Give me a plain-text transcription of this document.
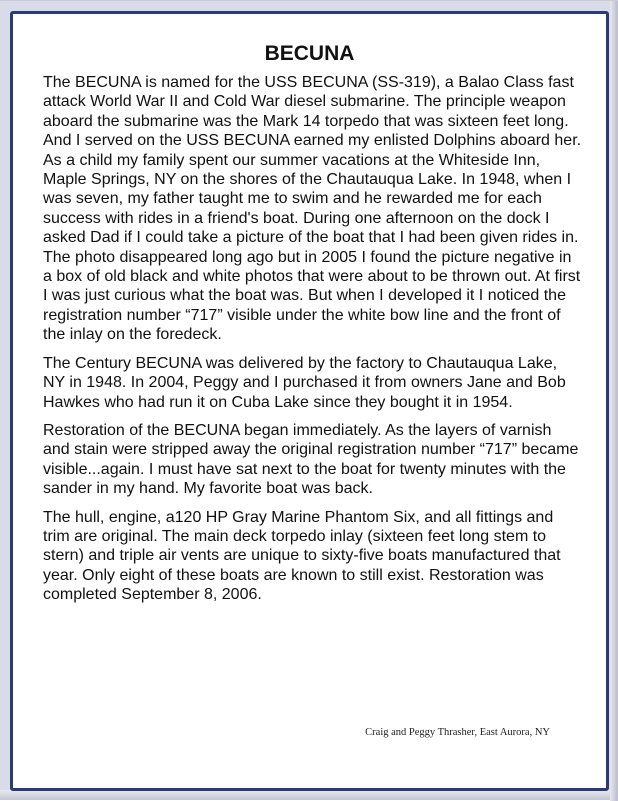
BECUNA

The BECUNA is named for the USS BECUNA (SS-319), a Balao Class fast attack World War II and Cold War diesel submarine. The principle weapon aboard the submarine was the Mark 14 torpedo that was sixteen feet long. And I served on the USS BECUNA earned my enlisted Dolphins aboard her. As a child my family spent our summer vacations at the Whiteside Inn, Maple Springs, NY on the shores of the Chautauqua Lake. In 1948, when I was seven, my father taught me to swim and he rewarded me for each success with rides in a friend's boat. During one afternoon on the dock I asked Dad if I could take a picture of the boat that I had been given rides in. The photo disappeared long ago but in 2005 I found the picture negative in a box of old black and white photos that were about to be thrown out. At first I was just curious what the boat was. But when I developed it I noticed the registration number “717” visible under the white bow line and the front of the inlay on the foredeck.

The Century BECUNA was delivered by the factory to Chautauqua Lake, NY in 1948. In 2004, Peggy and I purchased it from owners Jane and Bob Hawkes who had run it on Cuba Lake since they bought it in 1954.

Restoration of the BECUNA began immediately. As the layers of varnish and stain were stripped away the original registration number “717” became visible...again. I must have sat next to the boat for twenty minutes with the sander in my hand. My favorite boat was back.

The hull, engine, a120 HP Gray Marine Phantom Six, and all fittings and trim are original. The main deck torpedo inlay (sixteen feet long stem to stern) and triple air vents are unique to sixty-five boats manufactured that year. Only eight of these boats are known to still exist. Restoration was completed September 8, 2006.

Craig and Peggy Thrasher, East Aurora, NY
